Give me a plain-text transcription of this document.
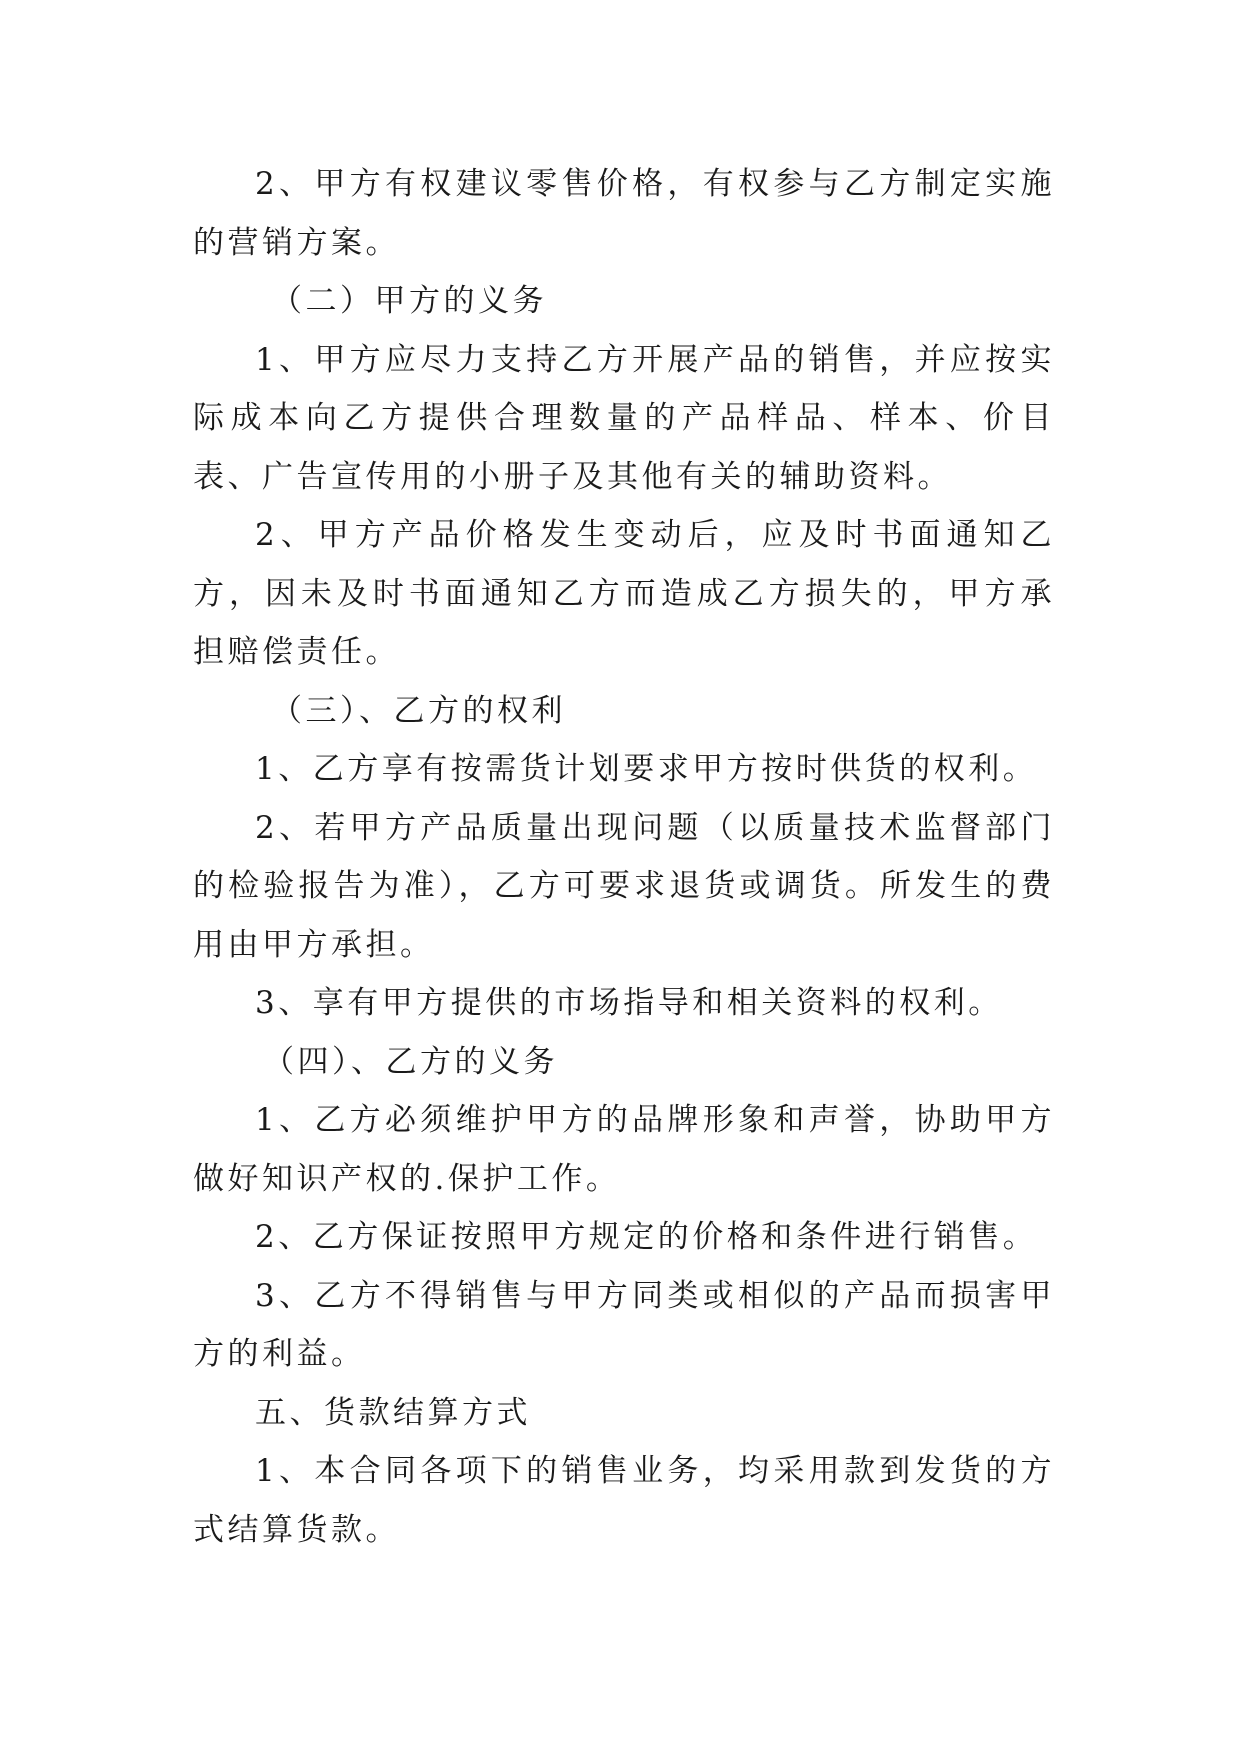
2、甲方有权建议零售价格，有权参与乙方制定实施的营销方案。

（二）甲方的义务

1、甲方应尽力支持乙方开展产品的销售，并应按实际成本向乙方提供合理数量的产品样品、样本、价目表、广告宣传用的小册子及其他有关的辅助资料。

2、甲方产品价格发生变动后，应及时书面通知乙方，因未及时书面通知乙方而造成乙方损失的，甲方承担赔偿责任。

（三）、乙方的权利

1、乙方享有按需货计划要求甲方按时供货的权利。

2、若甲方产品质量出现问题（以质量技术监督部门的检验报告为准），乙方可要求退货或调货。所发生的费用由甲方承担。

3、享有甲方提供的市场指导和相关资料的权利。

（四）、乙方的义务

1、乙方必须维护甲方的品牌形象和声誉，协助甲方做好知识产权的.保护工作。

2、乙方保证按照甲方规定的价格和条件进行销售。

3、乙方不得销售与甲方同类或相似的产品而损害甲方的利益。

五、货款结算方式

1、本合同各项下的销售业务，均采用款到发货的方式结算货款。
